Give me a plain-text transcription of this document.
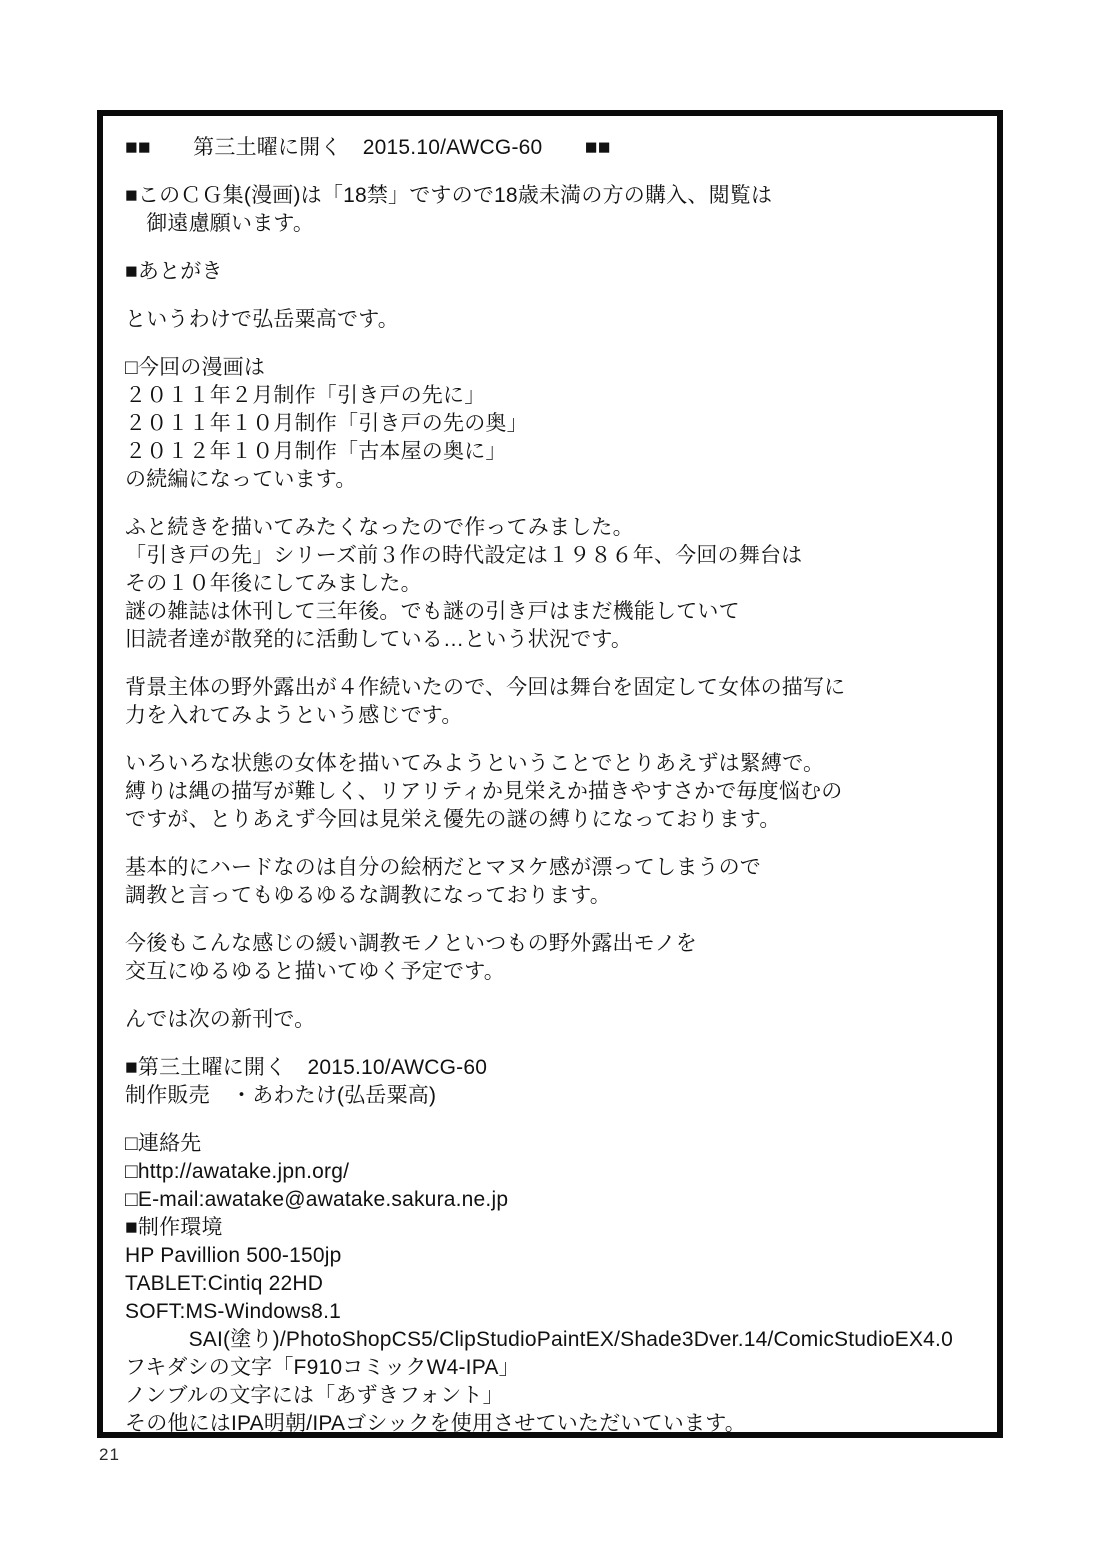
■■　　第三土曜に開く　2015.10/AWCG-60　　■■
■このＣＧ集(漫画)は「18禁」ですので18歳未満の方の購入、閲覧は
　御遠慮願います。
■あとがき
というわけで弘岳粟高です。
□今回の漫画は
２０１１年２月制作「引き戸の先に」
２０１１年１０月制作「引き戸の先の奥」
２０１２年１０月制作「古本屋の奥に」
の続編になっています。
ふと続きを描いてみたくなったので作ってみました。
「引き戸の先」シリーズ前３作の時代設定は１９８６年、今回の舞台は
その１０年後にしてみました。
謎の雑誌は休刊して三年後。でも謎の引き戸はまだ機能していて
旧読者達が散発的に活動している…という状況です。
背景主体の野外露出が４作続いたので、今回は舞台を固定して女体の描写に
力を入れてみようという感じです。
いろいろな状態の女体を描いてみようということでとりあえずは緊縛で。
縛りは縄の描写が難しく、リアリティか見栄えか描きやすさかで毎度悩むの
ですが、とりあえず今回は見栄え優先の謎の縛りになっております。
基本的にハードなのは自分の絵柄だとマヌケ感が漂ってしまうので
調教と言ってもゆるゆるな調教になっております。
今後もこんな感じの緩い調教モノといつもの野外露出モノを
交互にゆるゆると描いてゆく予定です。
んでは次の新刊で。
■第三土曜に開く　2015.10/AWCG-60
制作販売　・あわたけ(弘岳粟高)
□連絡先
□http://awatake.jpn.org/
□E-mail:awatake@awatake.sakura.ne.jp
■制作環境
HP Pavillion 500-150jp
TABLET:Cintiq 22HD
SOFT:MS-Windows8.1
　　　SAI(塗り)/PhotoShopCS5/ClipStudioPaintEX/Shade3Dver.14/ComicStudioEX4.0
フキダシの文字「F910コミックW4-IPA」
ノンブルの文字には「あずきフォント」
その他にはIPA明朝/IPAゴシックを使用させていただいています。
21
